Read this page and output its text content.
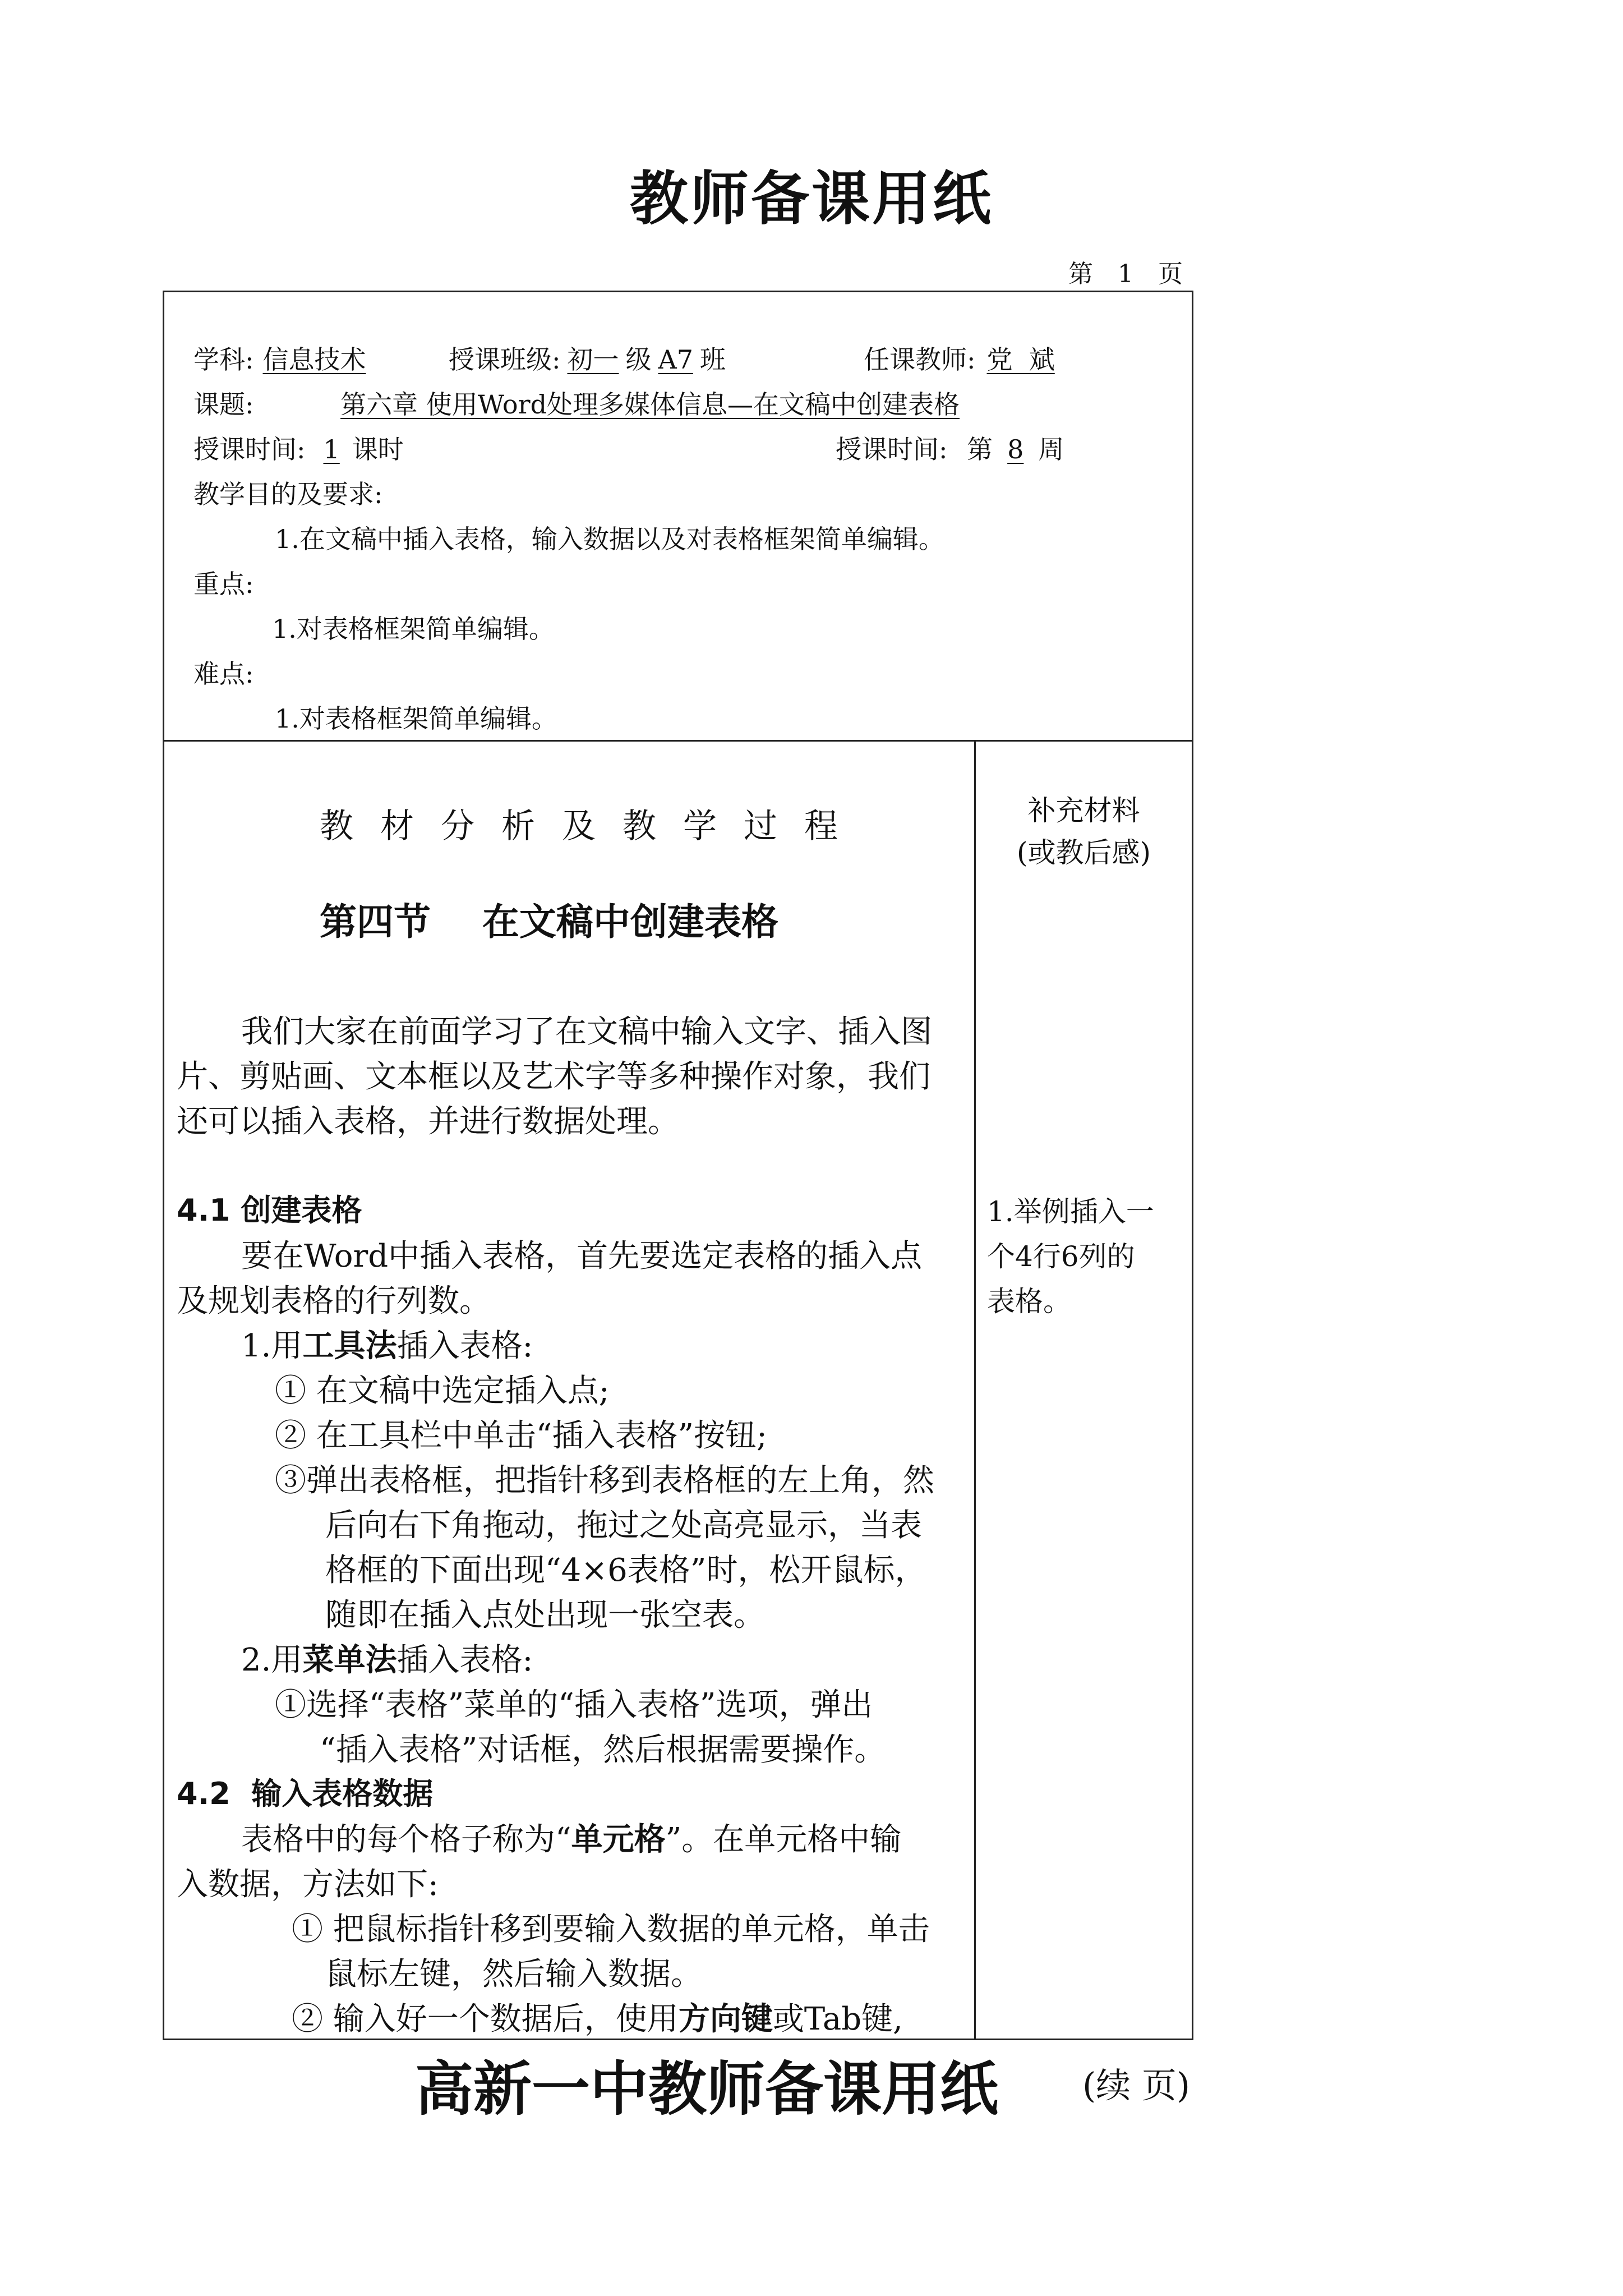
教师备课用纸
第 1 页
学科: 信息技术	授课班级: 初一 级 A7 班	任课教师: 党  斌
课题:	第六章 使用Word处理多媒体信息—在文稿中创建表格
授课时间: 1 课时	授课时间: 第 8 周
教学目的及要求:
1.在文稿中插入表格，输入数据以及对表格框架简单编辑。
重点:
1.对表格框架简单编辑。
难点:
1.对表格框架简单编辑。
教材分析及教学过程
第四节    在文稿中创建表格
我们大家在前面学习了在文稿中输入文字、插入图
片、剪贴画、文本框以及艺术字等多种操作对象，我们
还可以插入表格，并进行数据处理。
4.1 创建表格
要在Word中插入表格，首先要选定表格的插入点
及规划表格的行列数。
1.用工具法插入表格:
① 在文稿中选定插入点;
② 在工具栏中单击“插入表格”按钮;
③弹出表格框，把指针移到表格框的左上角，然
后向右下角拖动，拖过之处高亮显示，当表
格框的下面出现“4×6表格”时，松开鼠标，
随即在插入点处出现一张空表。
2.用菜单法插入表格:
①选择“表格”菜单的“插入表格”选项，弹出
“插入表格”对话框，然后根据需要操作。
4.2  输入表格数据
表格中的每个格子称为“单元格”。在单元格中输
入数据，方法如下:
① 把鼠标指针移到要输入数据的单元格，单击
鼠标左键，然后输入数据。
② 输入好一个数据后，使用方向键或Tab键,
补充材料
(或教后感)
1.举例插入一
个4行6列的
表格。
高新一中教师备课用纸 (续 页)
